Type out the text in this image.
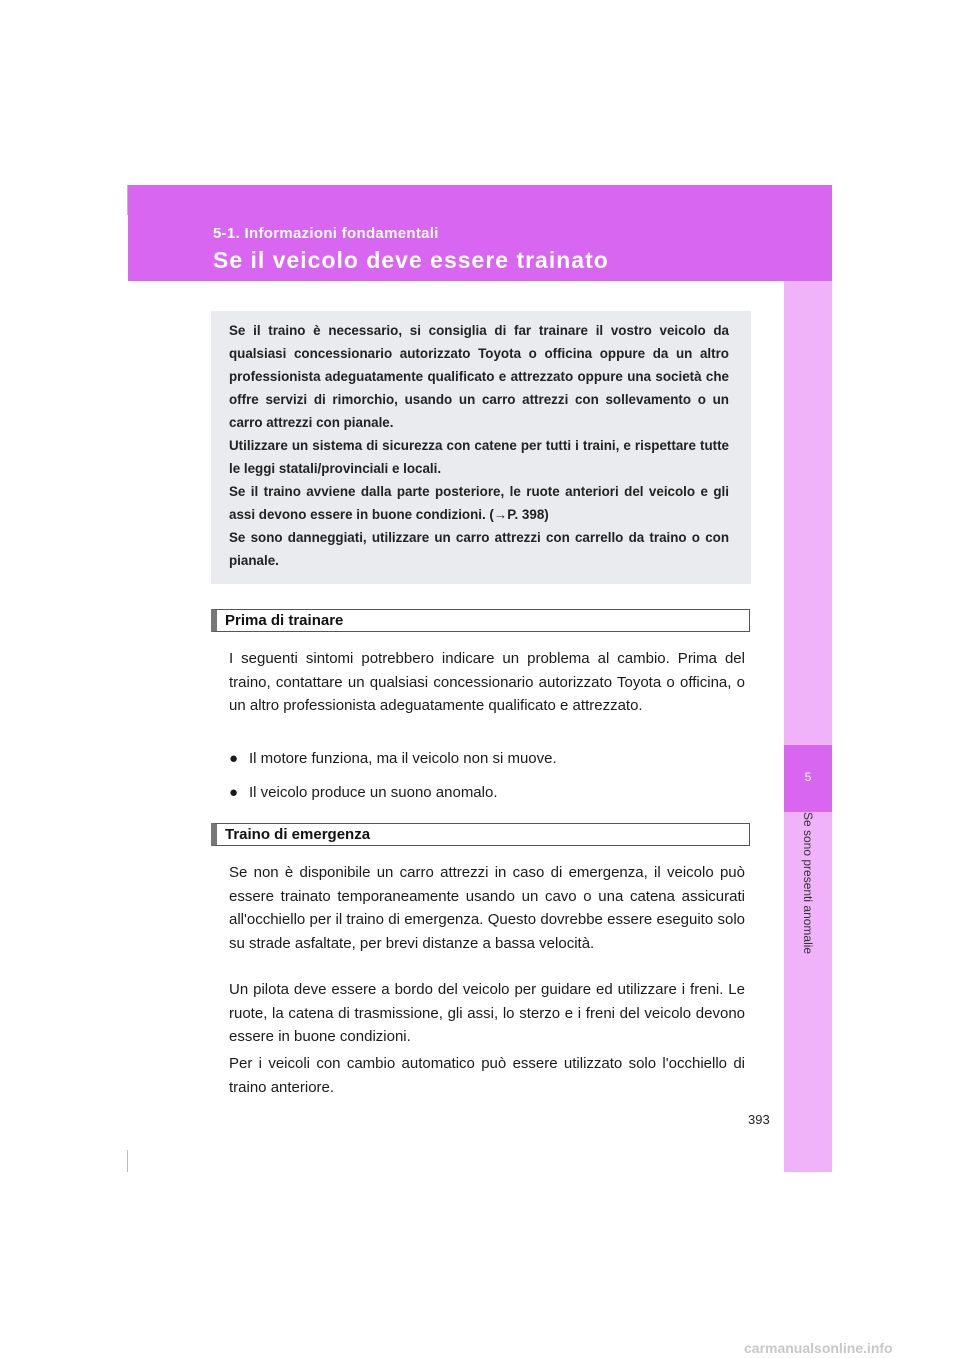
5-1. Informazioni fondamentali
Se il veicolo deve essere trainato
5
Se sono presenti anomalie

Se il traino è necessario, si consiglia di far trainare il vostro veicolo da qualsiasi concessionario autorizzato Toyota o officina oppure da un altro professionista adeguatamente qualificato e attrezzato oppure una società che offre servizi di rimorchio, usando un carro attrezzi con sollevamento o un carro attrezzi con pianale.

Utilizzare un sistema di sicurezza con catene per tutti i traini, e rispettare tutte le leggi statali/provinciali e locali.

Se il traino avviene dalla parte posteriore, le ruote anteriori del veicolo e gli assi devono essere in buone condizioni. (→P. 398)

Se sono danneggiati, utilizzare un carro attrezzi con carrello da traino o con pianale.

Prima di trainare

I seguenti sintomi potrebbero indicare un problema al cambio. Prima del traino, contattare un qualsiasi concessionario autorizzato Toyota o officina, o un altro professionista adeguatamente qualificato e attrezzato.

● Il motore funziona, ma il veicolo non si muove.

● Il veicolo produce un suono anomalo.

Traino di emergenza

Se non è disponibile un carro attrezzi in caso di emergenza, il veicolo può essere trainato temporaneamente usando un cavo o una catena assicurati all'occhiello per il traino di emergenza. Questo dovrebbe essere eseguito solo su strade asfaltate, per brevi distanze a bassa velocità.

Un pilota deve essere a bordo del veicolo per guidare ed utilizzare i freni. Le ruote, la catena di trasmissione, gli assi, lo sterzo e i freni del veicolo devono essere in buone condizioni.

Per i veicoli con cambio automatico può essere utilizzato solo l'occhiello di traino anteriore.

393
carmanualsonline.info
